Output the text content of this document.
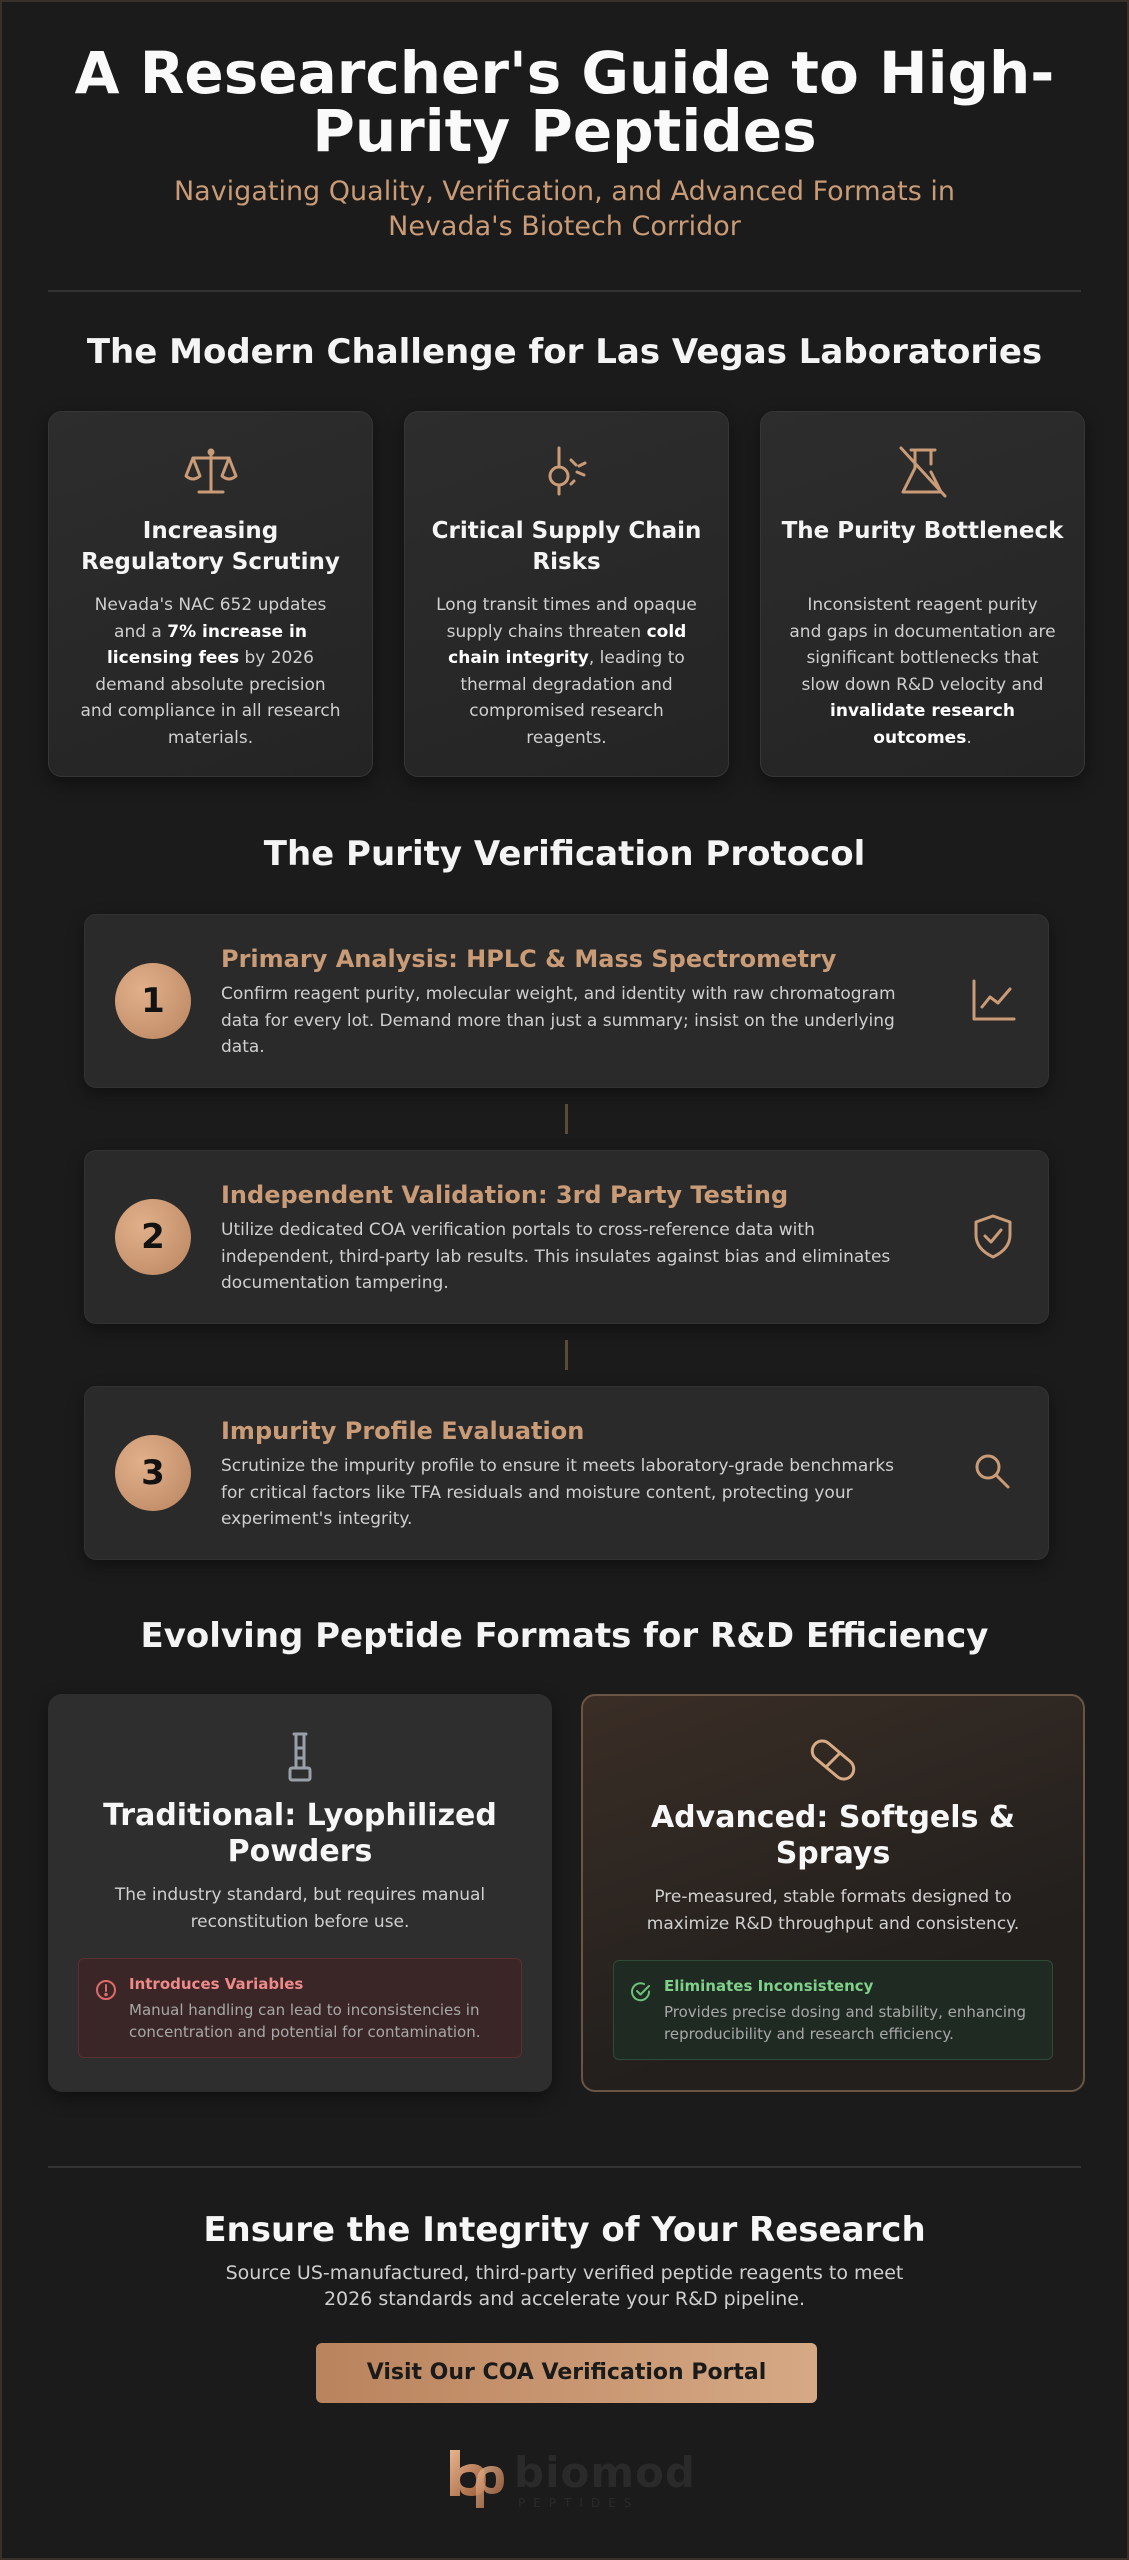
A Researcher's Guide to High-Purity Peptides

Navigating Quality, Verification, and Advanced Formats in Nevada's Biotech Corridor

The Modern Challenge for Las Vegas Laboratories
Increasing Regulatory Scrutiny
Nevada's NAC 652 updates and a 7% increase in licensing fees by 2026 demand absolute precision and compliance in all research materials.
Critical Supply Chain Risks
Long transit times and opaque supply chains threaten cold chain integrity, leading to thermal degradation and compromised research reagents.
The Purity Bottleneck
Inconsistent reagent purity and gaps in documentation are significant bottlenecks that slow down R&D velocity and invalidate research outcomes.
The Purity Verification Protocol
1
Primary Analysis: HPLC & Mass Spectrometry
Confirm reagent purity, molecular weight, and identity with raw chromatogram data for every lot. Demand more than just a summary; insist on the underlying data.
2
Independent Validation: 3rd Party Testing
Utilize dedicated COA verification portals to cross-reference data with independent, third-party lab results. This insulates against bias and eliminates documentation tampering.
3
Impurity Profile Evaluation
Scrutinize the impurity profile to ensure it meets laboratory-grade benchmarks for critical factors like TFA residuals and moisture content, protecting your experiment's integrity.
Evolving Peptide Formats for R&D Efficiency
Traditional: Lyophilized Powders
The industry standard, but requires manual reconstitution before use.
Introduces Variables
Manual handling can lead to inconsistencies in concentration and potential for contamination.
Advanced: Softgels & Sprays
Pre-measured, stable formats designed to maximize R&D throughput and consistency.
Eliminates Inconsistency
Provides precise dosing and stability, enhancing reproducibility and research efficiency.
Ensure the Integrity of Your Research

Source US-manufactured, third-party verified peptide reagents to meet 2026 standards and accelerate your R&D pipeline.

Visit Our COA Verification Portal
biomod
PEPTIDES
